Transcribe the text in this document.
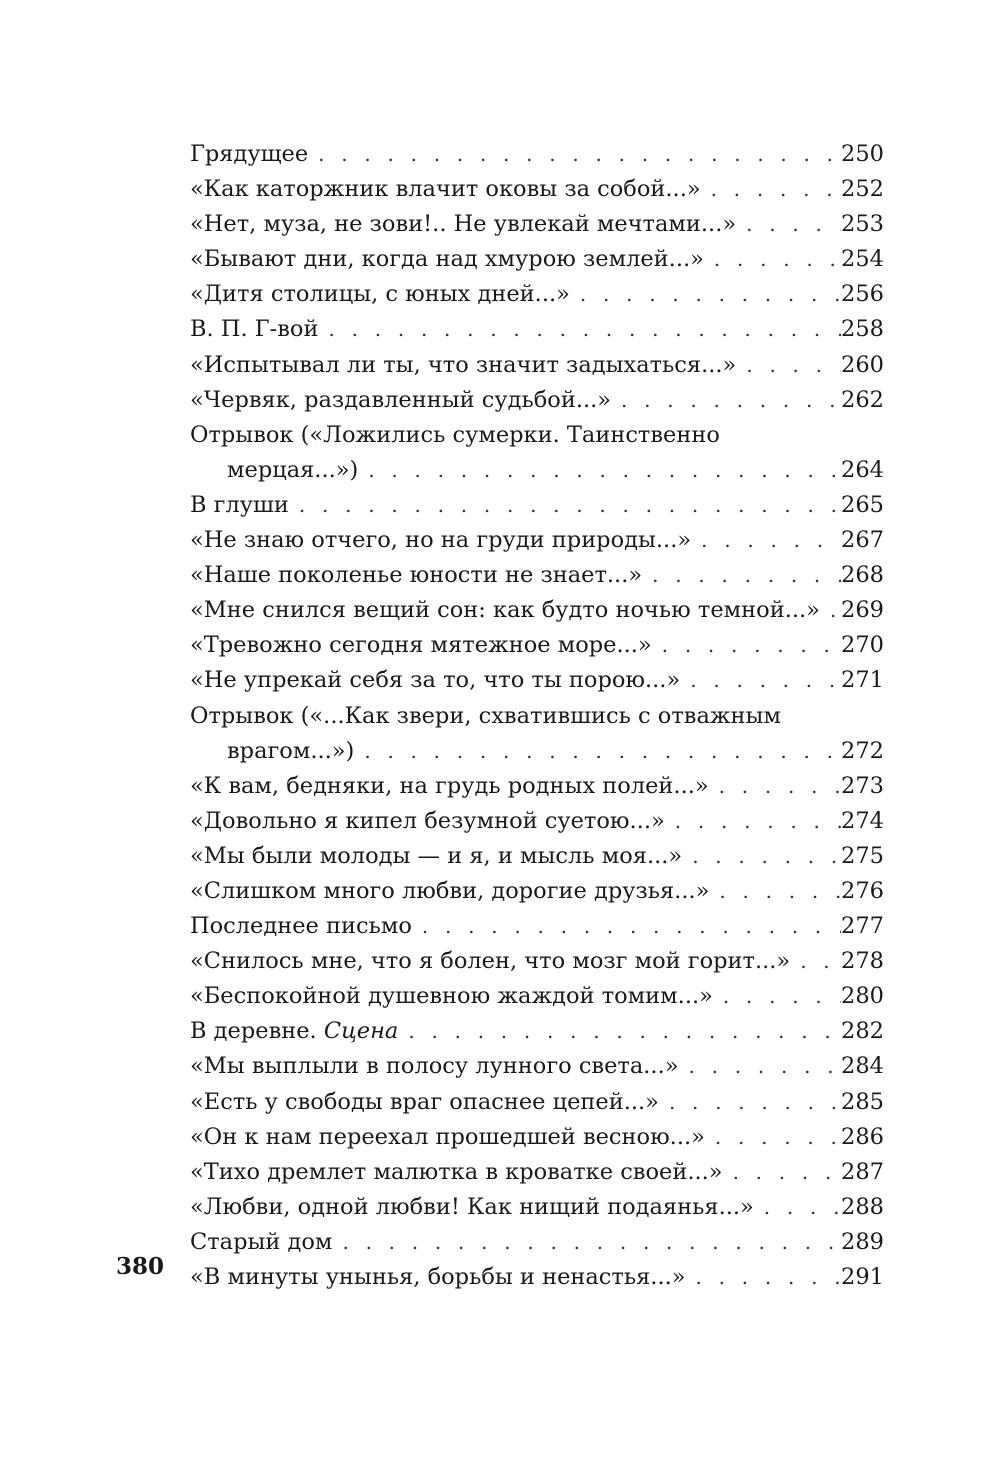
Грядущее . . .	250
«Как каторжник влачит оковы за собой...» . . .	252
«Нет, муза, не зови!.. Не увлекай мечтами...» . . .	253
«Бывают дни, когда над хмурою землей...» . . .	254
«Дитя столицы, с юных дней...» . . .	256
В. П. Г-вой . . .	258
«Испытывал ли ты, что значит задыхаться...» . . .	260
«Червяк, раздавленный судьбой...» . . .	262
Отрывок («Ложились сумерки. Таинственно
мерцая...») . . .	264
В глуши . . .	265
«Не знаю отчего, но на груди природы...» . . .	267
«Наше поколенье юности не знает...» . . .	268
«Мне снился вещий сон: как будто ночью темной...» . . . 269
«Тревожно сегодня мятежное море...» . . .	270
«Не упрекай себя за то, что ты порою...» . . .	271
Отрывок («...Как звери, схватившись с отважным
врагом...») . . .	272
«К вам, бедняки, на грудь родных полей...» . . .	273
«Довольно я кипел безумной суетою...» . . .	274
«Мы были молоды — и я, и мысль моя...» . . .	275
«Слишком много любви, дорогие друзья...» . . .	276
Последнее письмо . . .	277
«Снилось мне, что я болен, что мозг мой горит...» . . . 278
«Беспокойной душевною жаждой томим...» . . .	280
В деревне. Сцена . . .	282
«Мы выплыли в полосу лунного света...» . . .	284
«Есть у свободы враг опаснее цепей...» . . .	285
«Он к нам переехал прошедшей весною...» . . .	286
«Тихо дремлет малютка в кроватке своей...» . . .	287
«Любви, одной любви! Как нищий подаянья...» . . .	288
Старый дом . . .	289
«В минуты унынья, борьбы и ненастья...» . . .	291
380
